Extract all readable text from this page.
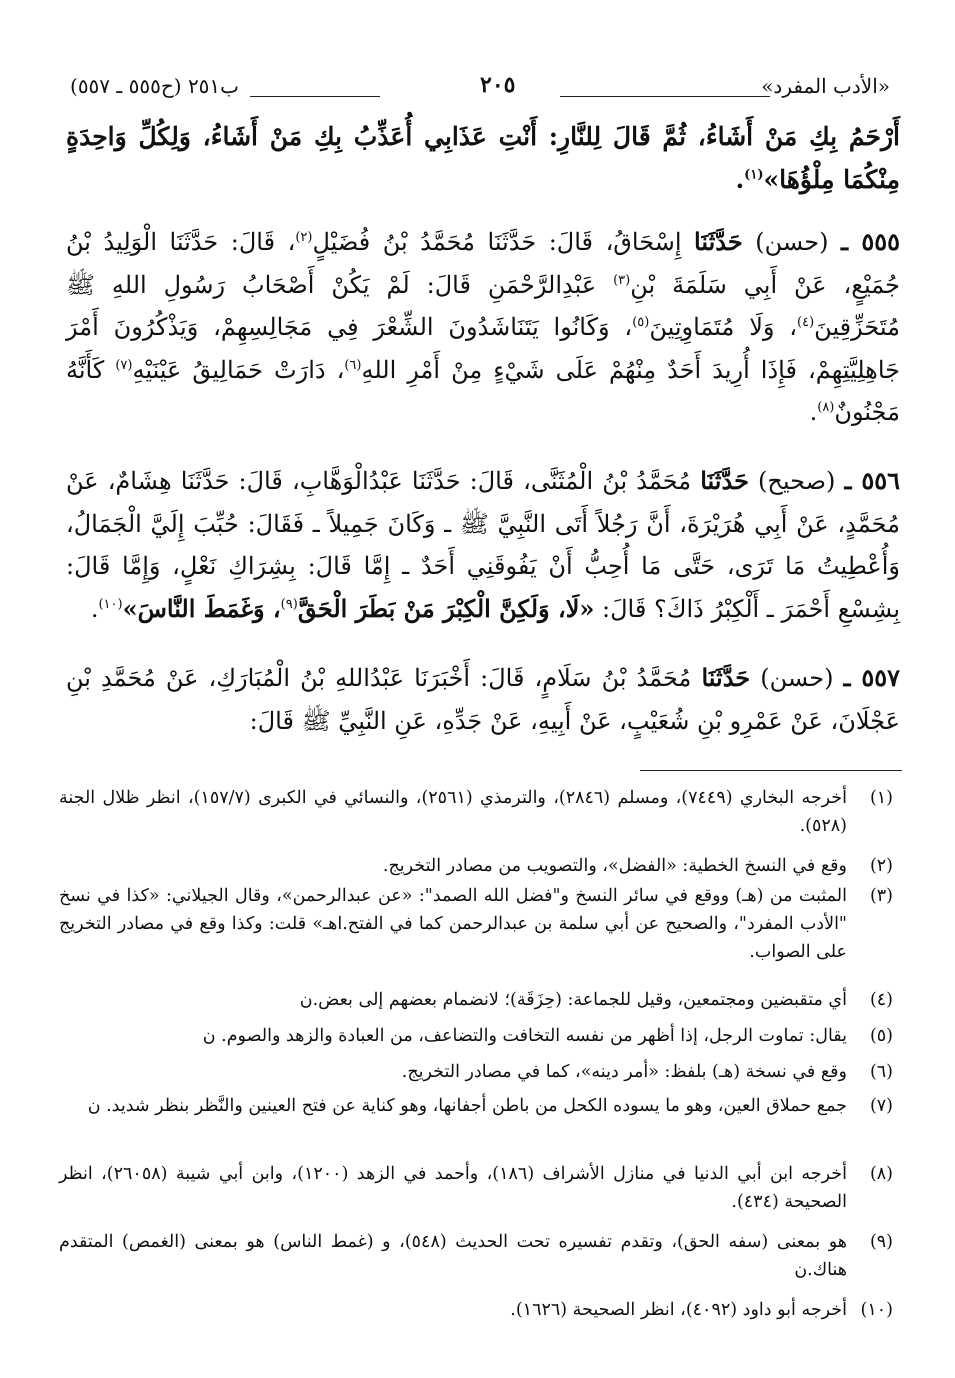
«الأدب المفرد»
٢٠٥
ب٢٥١ (ح٥٥٥ ـ ٥٥٧)

أَرْحَمُ بِكِ مَنْ أَشَاءُ، ثُمَّ قَالَ لِلنَّارِ: أَنْتِ عَذَابِي أُعَذِّبُ بِكِ مَنْ أَشَاءُ، وَلِكُلِّ وَاحِدَةٍ مِنْكُمَا مِلْؤُهَا»$^{(١)}$.

٥٥٥ ـ (حسن) حَدَّثَنَا إِسْحَاقُ، قَالَ: حَدَّثَنَا مُحَمَّدُ بْنُ فُضَيْلٍ$^{(٢)}$، قَالَ: حَدَّثَنَا الْوَلِيدُ بْنُ جُمَيْعٍ، عَنْ أَبِي سَلَمَةَ بْنِ$^{(٣)}$ عَبْدِالرَّحْمَنِ قَالَ: لَمْ يَكُنْ أَصْحَابُ رَسُولِ اللهِ ﷺ مُتَحَزِّقِينَ$^{(٤)}$، وَلَا مُتَمَاوِتِينَ$^{(٥)}$، وَكَانُوا يَتَنَاشَدُونَ الشِّعْرَ فِي مَجَالِسِهِمْ، وَيَذْكُرُونَ أَمْرَ جَاهِلِيَّتِهِمْ، فَإِذَا أُرِيدَ أَحَدٌ مِنْهُمْ عَلَى شَيْءٍ مِنْ أَمْرِ اللهِ$^{(٦)}$، دَارَتْ حَمَالِيقُ عَيْنَيْهِ$^{(٧)}$ كَأَنَّهُ مَجْنُونٌ$^{(٨)}$.

٥٥٦ ـ (صحيح) حَدَّثَنَا مُحَمَّدُ بْنُ الْمُثَنَّى، قَالَ: حَدَّثَنَا عَبْدُالْوَهَّابِ، قَالَ: حَدَّثَنَا هِشَامٌ، عَنْ مُحَمَّدٍ، عَنْ أَبِي هُرَيْرَةَ، أَنَّ رَجُلاً أَتَى النَّبِيَّ ﷺ ـ وَكَانَ جَمِيلاً ـ فَقَالَ: حُبِّبَ إِلَيَّ الْجَمَالُ، وَأُعْطِيتُ مَا تَرَى، حَتَّى مَا أُحِبُّ أَنْ يَفُوقَنِي أَحَدٌ ـ إِمَّا قَالَ: بِشِرَاكِ نَعْلٍ، وَإِمَّا قَالَ: بِشِسْعِ أَحْمَرَ ـ أَلْكِبْرُ ذَاكَ؟ قَالَ: «لَا، وَلَكِنَّ الْكِبْرَ مَنْ بَطَرَ الْحَقَّ$^{(٩)}$، وَغَمَطَ النَّاسَ»$^{(١٠)}$.

٥٥٧ ـ (حسن) حَدَّثَنَا مُحَمَّدُ بْنُ سَلَامٍ، قَالَ: أَخْبَرَنَا عَبْدُاللهِ بْنُ الْمُبَارَكِ، عَنْ مُحَمَّدِ بْنِ عَجْلَانَ، عَنْ عَمْرِو بْنِ شُعَيْبٍ، عَنْ أَبِيهِ، عَنْ جَدِّهِ، عَنِ النَّبِيِّ ﷺ قَالَ:

(١)
أخرجه البخاري (٧٤٤٩)، ومسلم (٢٨٤٦)، والترمذي (٢٥٦١)، والنسائي في الكبرى (١٥٧/٧)، انظر ظلال الجنة (٥٢٨).
(٢)
وقع في النسخ الخطية: «الفضل»، والتصويب من مصادر التخريج.
(٣)
المثبت من (هـ) ووقع في سائر النسخ و"فضل الله الصمد": «عن عبدالرحمن»، وقال الجيلاني: «كذا في نسخ "الأدب المفرد"، والصحيح عن أبي سلمة بن عبدالرحمن كما في الفتح.اهـ» قلت: وكذا وقع في مصادر التخريج على الصواب.
(٤)
أي متقبضين ومجتمعين، وقيل للجماعة: (حِزَقَة)؛ لانضمام بعضهم إلى بعض.ن
(٥)
يقال: تماوت الرجل، إذا أظهر من نفسه التخافت والتضاعف، من العبادة والزهد والصوم. ن
(٦)
وقع في نسخة (هـ) بلفظ: «أمر دينه»، كما في مصادر التخريج.
(٧)
جمع حملاق العين، وهو ما يسوده الكحل من باطن أجفانها، وهو كناية عن فتح العينين والنَّظر بنظر شديد. ن
(٨)
أخرجه ابن أبي الدنيا في منازل الأشراف (١٨٦)، وأحمد في الزهد (١٢٠٠)، وابن أبي شيبة (٢٦٠٥٨)، انظر الصحيحة (٤٣٤).
(٩)
هو بمعنى (سفه الحق)، وتقدم تفسيره تحت الحديث (٥٤٨)، و (غمط الناس) هو بمعنى (الغمص) المتقدم هناك.ن
(١٠)
أخرجه أبو داود (٤٠٩٢)، انظر الصحيحة (١٦٢٦).
